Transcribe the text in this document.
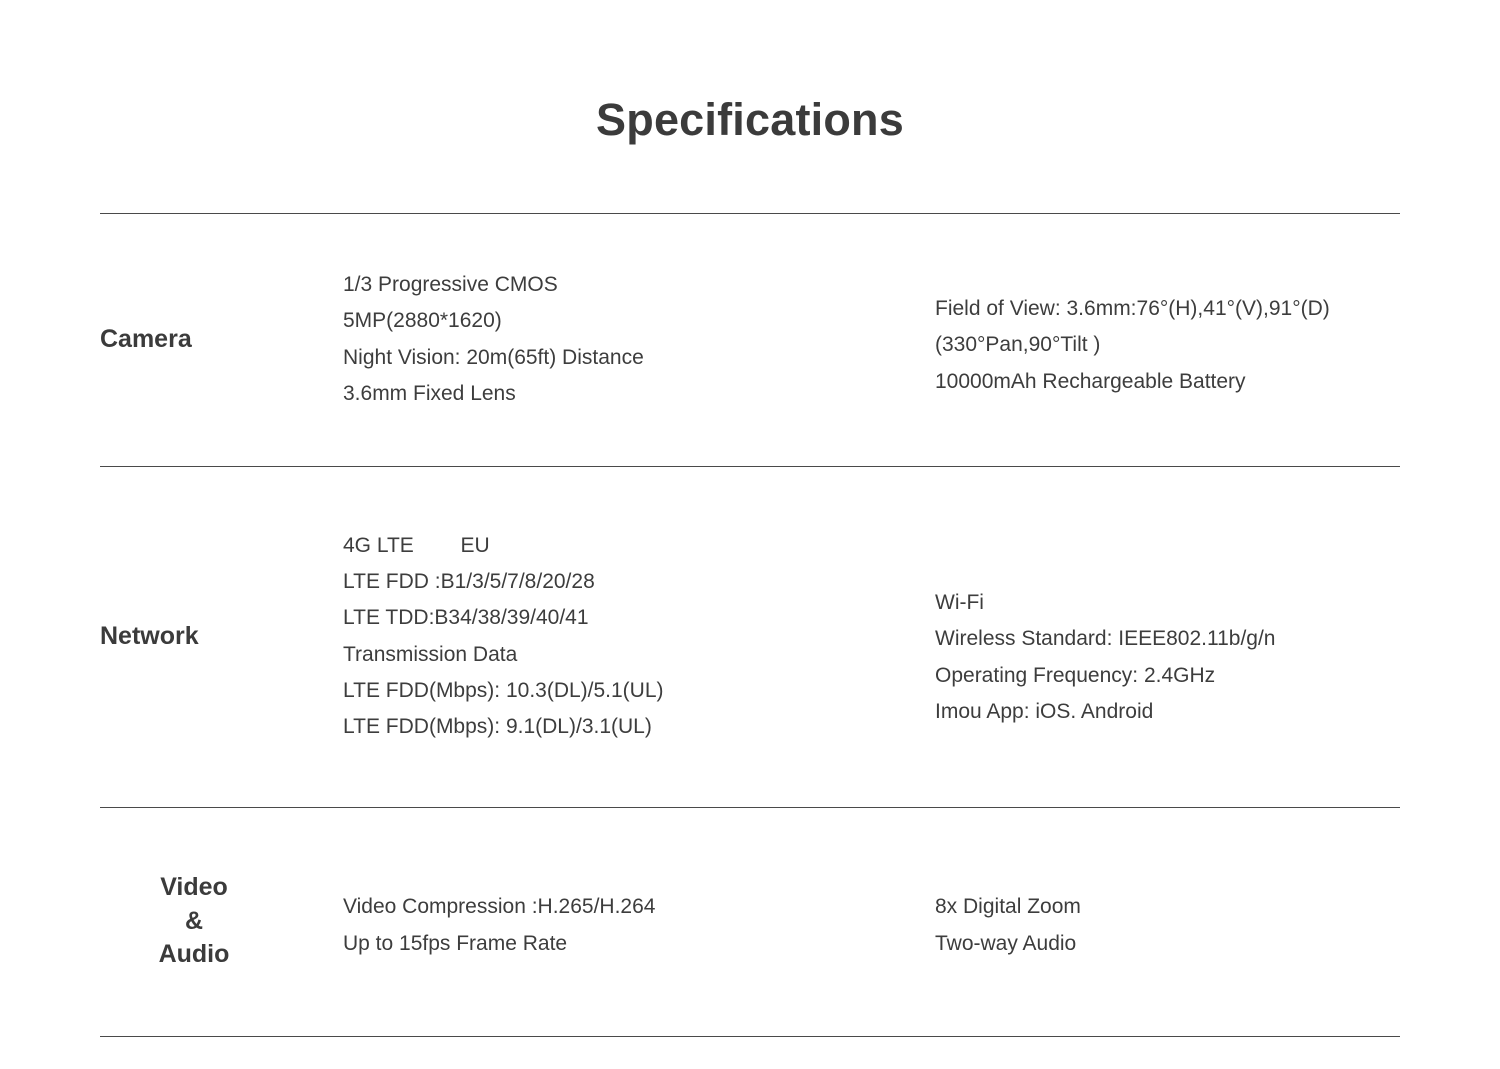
Specifications
Camera

1/3 Progressive CMOS

5MP(2880*1620)

Night Vision: 20m(65ft) Distance

3.6mm Fixed Lens

Field of View: 3.6mm:76°(H),41°(V),91°(D)

(330°Pan,90°Tilt )

10000mAh Rechargeable Battery

Network

4G LTE        EU

LTE FDD :B1/3/5/7/8/20/28

LTE TDD:B34/38/39/40/41

Transmission Data

LTE FDD(Mbps): 10.3(DL)/5.1(UL)

LTE FDD(Mbps): 9.1(DL)/3.1(UL)

Wi-Fi

Wireless Standard: IEEE802.11b/g/n

Operating Frequency: 2.4GHz

Imou App: iOS. Android

Video
&
Audio

Video Compression :H.265/H.264

Up to 15fps Frame Rate

8x Digital Zoom

Two-way Audio
